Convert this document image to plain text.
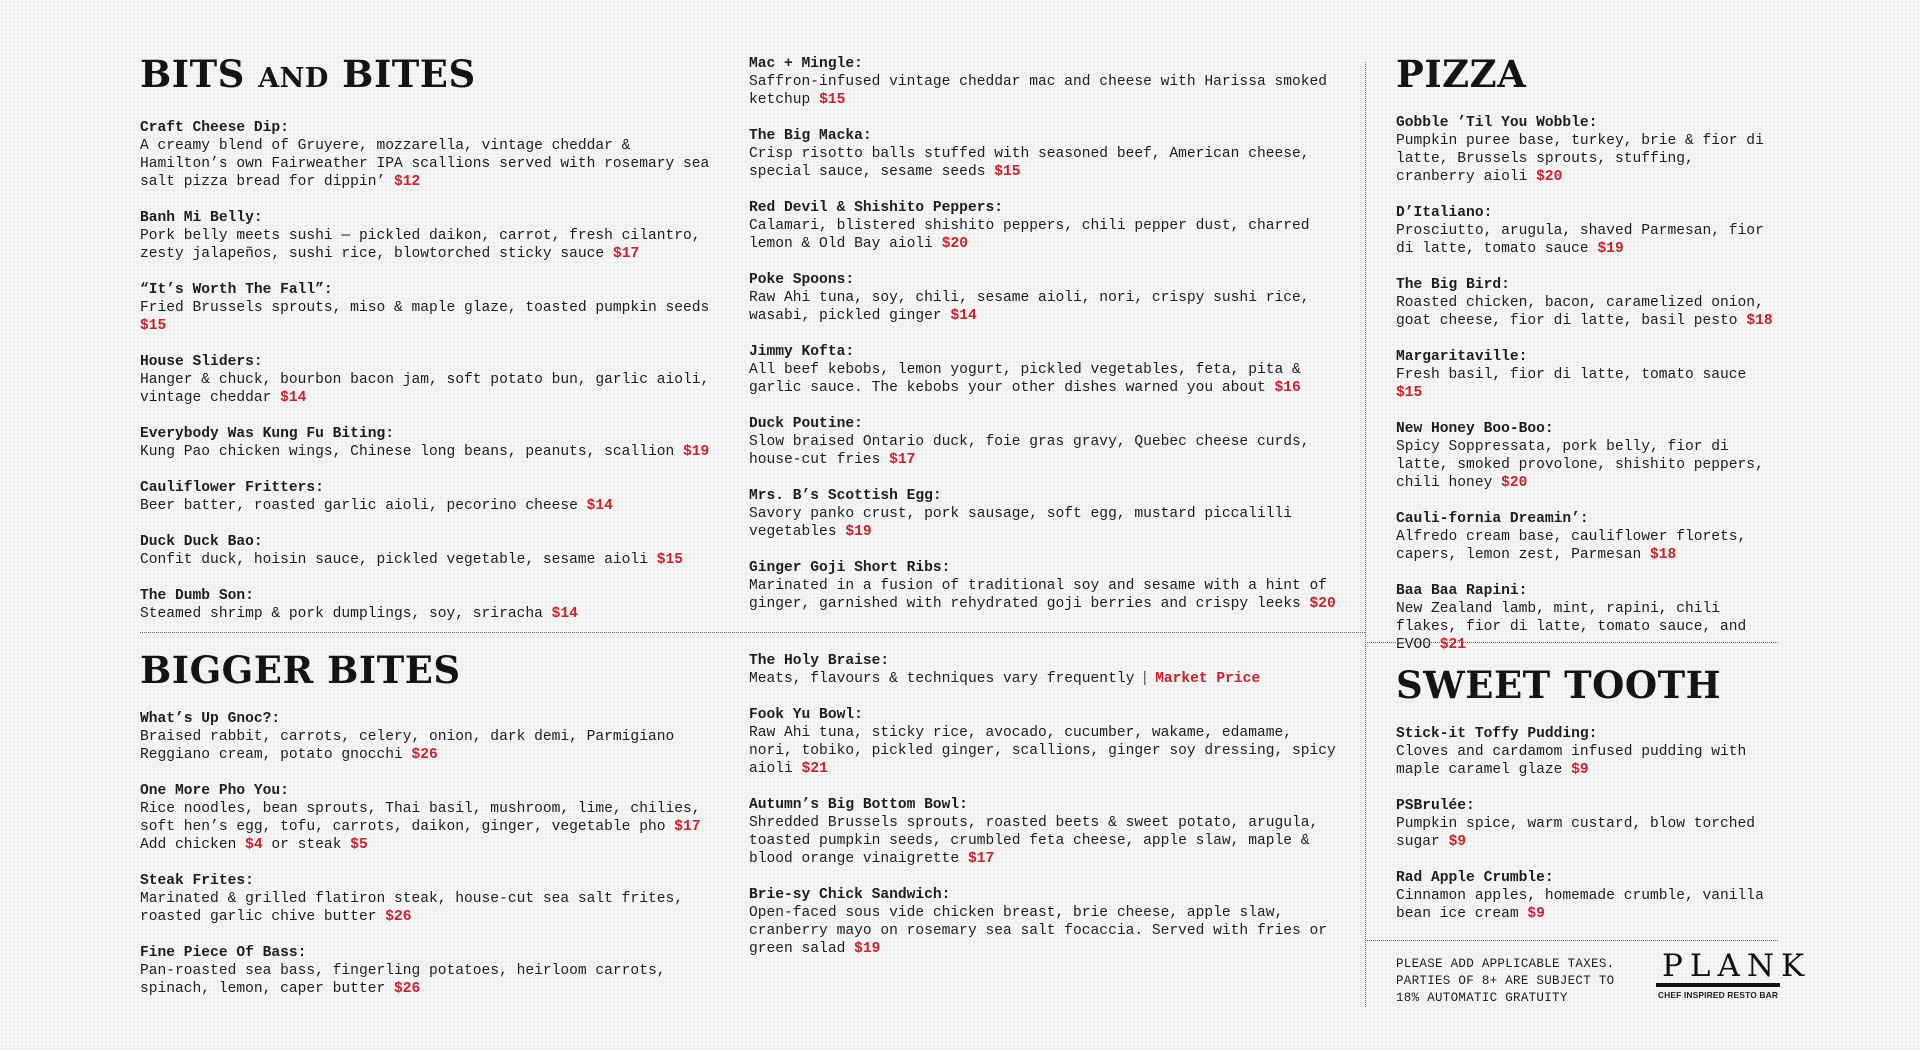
BITS AND BITES
Craft Cheese Dip:
A creamy blend of Gruyere, mozzarella, vintage cheddar & Hamilton’s own Fairweather IPA scallions served with rosemary sea salt pizza bread for dippin’ $12
Banh Mi Belly:
Pork belly meets sushi — pickled daikon, carrot, fresh cilantro, zesty jalapeños, sushi rice, blowtorched sticky sauce $17
“It’s Worth The Fall”:
Fried Brussels sprouts, miso & maple glaze, toasted pumpkin seeds $15
House Sliders:
Hanger & chuck, bourbon bacon jam, soft potato bun, garlic aioli, vintage cheddar $14
Everybody Was Kung Fu Biting:
Kung Pao chicken wings, Chinese long beans, peanuts, scallion $19
Cauliflower Fritters:
Beer batter, roasted garlic aioli, pecorino cheese $14
Duck Duck Bao:
Confit duck, hoisin sauce, pickled vegetable, sesame aioli $15
The Dumb Son:
Steamed shrimp & pork dumplings, soy, sriracha $14
Mac + Mingle:
Saffron-infused vintage cheddar mac and cheese with Harissa smoked ketchup $15
The Big Macka:
Crisp risotto balls stuffed with seasoned beef, American cheese, special sauce, sesame seeds $15
Red Devil & Shishito Peppers:
Calamari, blistered shishito peppers, chili pepper dust, charred lemon & Old Bay aioli $20
Poke Spoons:
Raw Ahi tuna, soy, chili, sesame aioli, nori, crispy sushi rice, wasabi, pickled ginger $14
Jimmy Kofta:
All beef kebobs, lemon yogurt, pickled vegetables, feta, pita & garlic sauce. The kebobs your other dishes warned you about $16
Duck Poutine:
Slow braised Ontario duck, foie gras gravy, Quebec cheese curds, house-cut fries $17
Mrs. B’s Scottish Egg:
Savory panko crust, pork sausage, soft egg, mustard piccalilli vegetables $19
Ginger Goji Short Ribs:
Marinated in a fusion of traditional soy and sesame with a hint of ginger, garnished with rehydrated goji berries and crispy leeks $20
PIZZA
Gobble ’Til You Wobble:
Pumpkin puree base, turkey, brie & fior di latte, Brussels sprouts, stuffing, cranberry aioli $20
D’Italiano:
Prosciutto, arugula, shaved Parmesan, fior di latte, tomato sauce $19
The Big Bird:
Roasted chicken, bacon, caramelized onion, goat cheese, fior di latte, basil pesto $18
Margaritaville:
Fresh basil, fior di latte, tomato sauce $15
New Honey Boo-Boo:
Spicy Soppressata, pork belly, fior di latte, smoked provolone, shishito peppers, chili honey $20
Cauli-fornia Dreamin’:
Alfredo cream base, cauliflower florets, capers, lemon zest, Parmesan $18
Baa Baa Rapini:
New Zealand lamb, mint, rapini, chili flakes, fior di latte, tomato sauce, and EVOO $21
BIGGER BITES
What’s Up Gnoc?:
Braised rabbit, carrots, celery, onion, dark demi, Parmigiano Reggiano cream, potato gnocchi $26
One More Pho You:
Rice noodles, bean sprouts, Thai basil, mushroom, lime, chilies, soft hen’s egg, tofu, carrots, daikon, ginger, vegetable pho $17
Add chicken $4 or steak $5
Steak Frites:
Marinated & grilled flatiron steak, house-cut sea salt frites, roasted garlic chive butter $26
Fine Piece Of Bass:
Pan-roasted sea bass, fingerling potatoes, heirloom carrots, spinach, lemon, caper butter $26
The Holy Braise:
Meats, flavours & techniques vary frequently | Market Price
Fook Yu Bowl:
Raw Ahi tuna, sticky rice, avocado, cucumber, wakame, edamame, nori, tobiko, pickled ginger, scallions, ginger soy dressing, spicy aioli $21
Autumn’s Big Bottom Bowl:
Shredded Brussels sprouts, roasted beets & sweet potato, arugula, toasted pumpkin seeds, crumbled feta cheese, apple slaw, maple & blood orange vinaigrette $17
Brie-sy Chick Sandwich:
Open-faced sous vide chicken breast, brie cheese, apple slaw, cranberry mayo on rosemary sea salt focaccia. Served with fries or green salad $19
SWEET TOOTH
Stick-it Toffy Pudding:
Cloves and cardamom infused pudding with maple caramel glaze $9
PSBrulée:
Pumpkin spice, warm custard, blow torched sugar $9
Rad Apple Crumble:
Cinnamon apples, homemade crumble, vanilla bean ice cream $9
PLEASE ADD APPLICABLE TAXES.
PARTIES OF 8+ ARE SUBJECT TO
18% AUTOMATIC GRATUITY
PLANK
CHEF INSPIRED RESTO BAR
